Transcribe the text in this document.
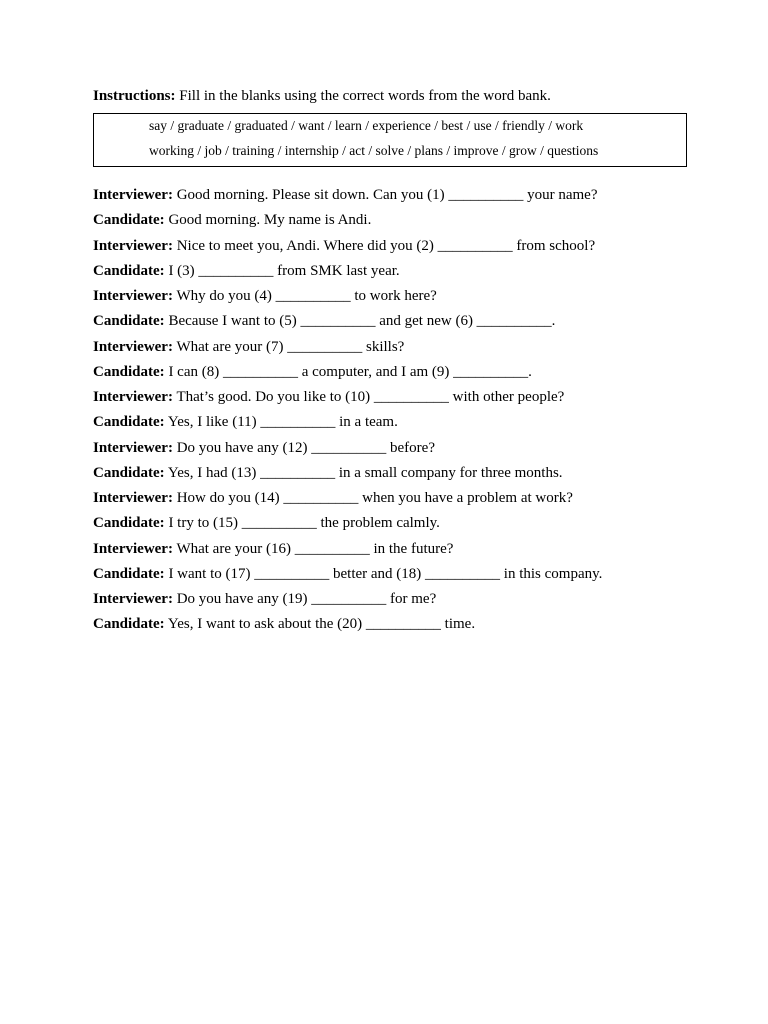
Instructions: Fill in the blanks using the correct words from the word bank.
say / graduate / graduated / want / learn / experience / best / use / friendly / work
working / job / training / internship / act / solve / plans / improve / grow / questions
Interviewer: Good morning. Please sit down. Can you (1) __________ your name?
Candidate: Good morning. My name is Andi.
Interviewer: Nice to meet you, Andi. Where did you (2) __________ from school?
Candidate: I (3) __________ from SMK last year.
Interviewer: Why do you (4) __________ to work here?
Candidate: Because I want to (5) __________ and get new (6) __________.
Interviewer: What are your (7) __________ skills?
Candidate: I can (8) __________ a computer, and I am (9) __________.
Interviewer: That’s good. Do you like to (10) __________ with other people?
Candidate: Yes, I like (11) __________ in a team.
Interviewer: Do you have any (12) __________ before?
Candidate: Yes, I had (13) __________ in a small company for three months.
Interviewer: How do you (14) __________ when you have a problem at work?
Candidate: I try to (15) __________ the problem calmly.
Interviewer: What are your (16) __________ in the future?
Candidate: I want to (17) __________ better and (18) __________ in this company.
Interviewer: Do you have any (19) __________ for me?
Candidate: Yes, I want to ask about the (20) __________ time.
